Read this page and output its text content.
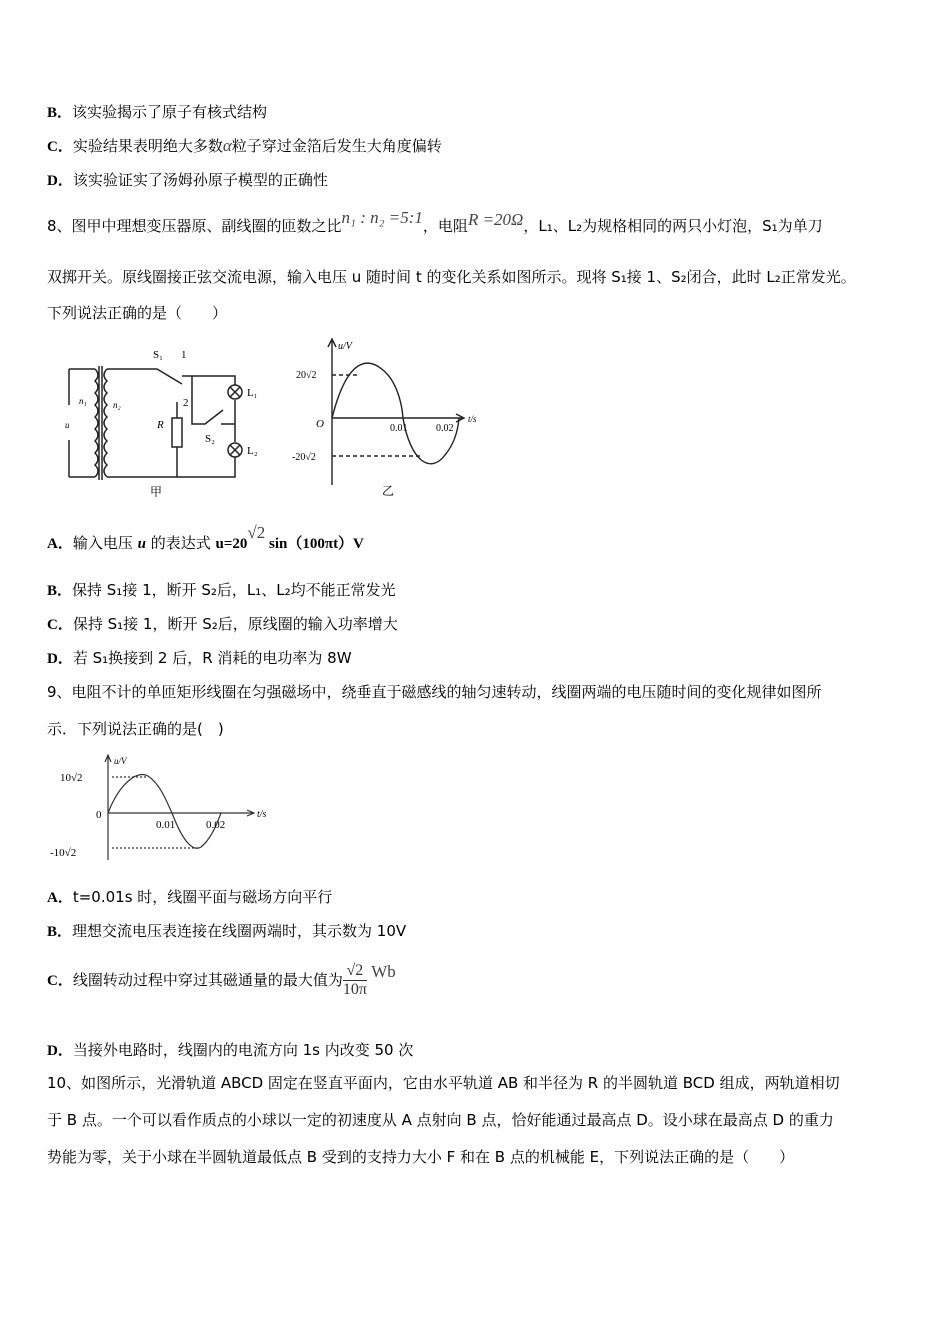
B．该实验揭示了原子有核式结构
C．实验结果表明绝大多数α粒子穿过金箔后发生大角度偏转
D．该实验证实了汤姆孙原子模型的正确性
8、图甲中理想变压器原、副线圈的匝数之比n₁ : n₂ =5:1，电阻R =20Ω，L₁、L₂为规格相同的两只小灯泡，S₁为单刀
双掷开关。原线圈接正弦交流电源，输入电压 u 随时间 t 的变化关系如图所示。现将 S₁接 1、S₂闭合，此时 L₂正常发光。
下列说法正确的是（　　）
S₁ 1
2
n₁	n₂
u	R
S₂
L₁
L₂
甲
u/V
20√2
-20√2
O	0.01	0.02
t/s
乙
A．输入电压 u 的表达式 u=20√2 sin（100πt）V
B．保持 S₁接 1，断开 S₂后，L₁、L₂均不能正常发光
C．保持 S₁接 1，断开 S₂后，原线圈的输入功率增大
D．若 S₁换接到 2 后，R 消耗的电功率为 8W
9、电阻不计的单匝矩形线圈在匀强磁场中，绕垂直于磁感线的轴匀速转动，线圈两端的电压随时间的变化规律如图所
示．下列说法正确的是(　)
u/V
10√2
-10√2
0
0.01	0.02
t/s
A．t=0.01s 时，线圈平面与磁场方向平行
B．理想交流电压表连接在线圈两端时，其示数为 10V
C．线圈转动过程中穿过其磁通量的最大值为 $\frac{√2}{10\pi}$ Wb
D．当接外电路时，线圈内的电流方向 1s 内改变 50 次
10、如图所示，光滑轨道 ABCD 固定在竖直平面内，它由水平轨道 AB 和半径为 R 的半圆轨道 BCD 组成，两轨道相切
于 B 点。一个可以看作质点的小球以一定的初速度从 A 点射向 B 点，恰好能通过最高点 D。设小球在最高点 D 的重力
势能为零，关于小球在半圆轨道最低点 B 受到的支持力大小 F 和在 B 点的机械能 E，下列说法正确的是（　　）
